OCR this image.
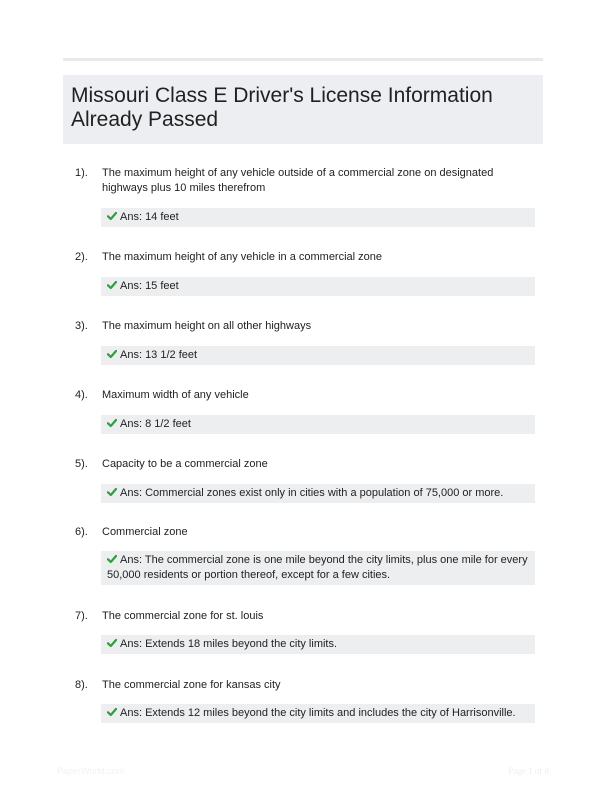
Missouri Class E Driver's License Information Already Passed
1). The maximum height of any vehicle outside of a commercial zone on designated highways plus 10 miles therefrom
Ans: 14 feet
2). The maximum height of any vehicle in a commercial zone
Ans: 15 feet
3). The maximum height on all other highways
Ans: 13 1/2 feet
4). Maximum width of any vehicle
Ans: 8 1/2 feet
5). Capacity to be a commercial zone
Ans: Commercial zones exist only in cities with a population of 75,000 or more.
6). Commercial zone
Ans: The commercial zone is one mile beyond the city limits, plus one mile for every 50,000 residents or portion thereof, except for a few cities.
7). The commercial zone for st. louis
Ans: Extends 18 miles beyond the city limits.
8). The commercial zone for kansas city
Ans: Extends 12 miles beyond the city limits and includes the city of Harrisonville.
PaperWorld.com	Page 1 of 8
